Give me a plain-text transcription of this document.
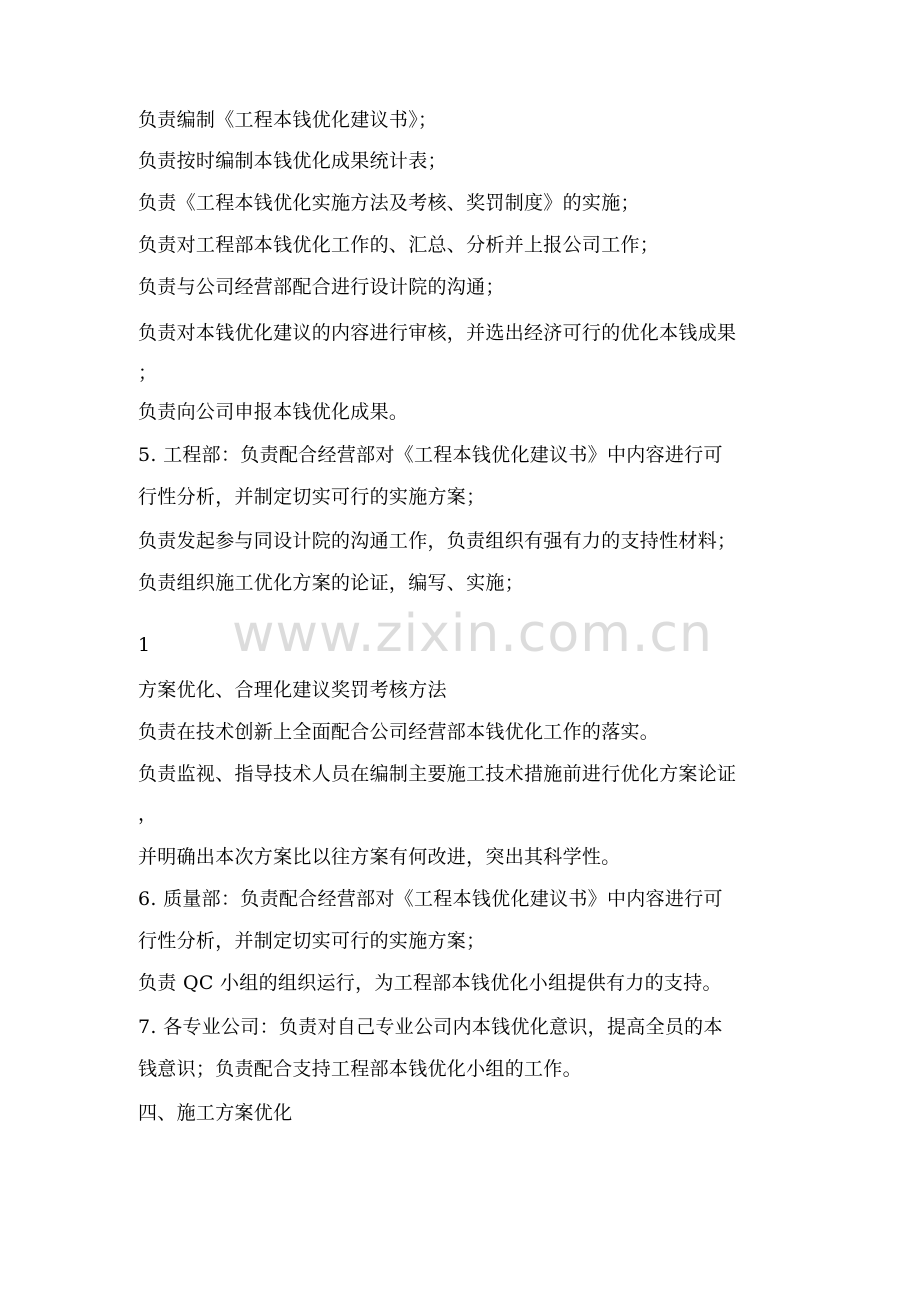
负责编制《工程本钱优化建议书》；
负责按时编制本钱优化成果统计表；
负责《工程本钱优化实施方法及考核、奖罚制度》的实施；
负责对工程部本钱优化工作的、汇总、分析并上报公司工作；
负责与公司经营部配合进行设计院的沟通；
负责对本钱优化建议的内容进行审核，并选出经济可行的优化本钱成果
；
负责向公司申报本钱优化成果。
5. 工程部：负责配合经营部对《工程本钱优化建议书》中内容进行可
行性分析，并制定切实可行的实施方案；
负责发起参与同设计院的沟通工作，负责组织有强有力的支持性材料；
负责组织施工优化方案的论证，编写、实施；
www.zixin.com.cn
1
方案优化、合理化建议奖罚考核方法
负责在技术创新上全面配合公司经营部本钱优化工作的落实。
负责监视、指导技术人员在编制主要施工技术措施前进行优化方案论证
，
并明确出本次方案比以往方案有何改进，突出其科学性。
6. 质量部：负责配合经营部对《工程本钱优化建议书》中内容进行可
行性分析，并制定切实可行的实施方案；
负责 QC 小组的组织运行，为工程部本钱优化小组提供有力的支持。
7. 各专业公司：负责对自己专业公司内本钱优化意识，提高全员的本
钱意识；负责配合支持工程部本钱优化小组的工作。
四、施工方案优化
